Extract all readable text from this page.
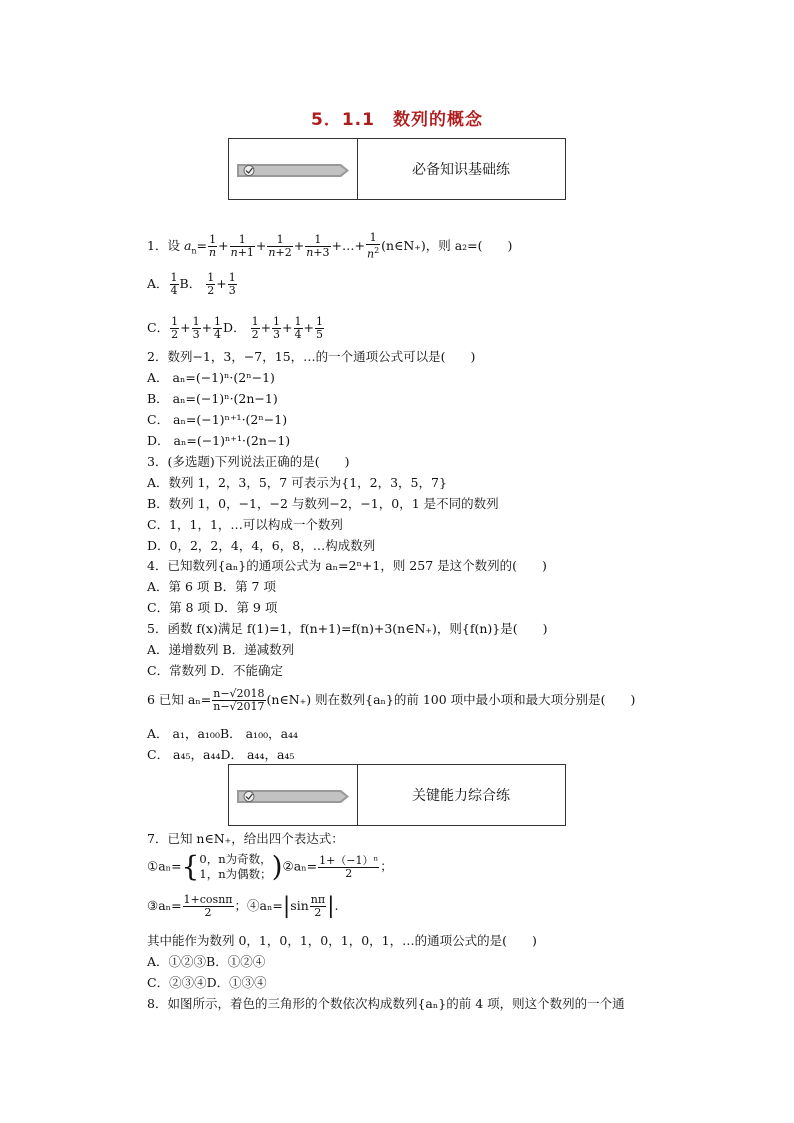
5．1.1　数列的概念
必备知识基础练
1．设 $a_n= \frac{1}{n} + \frac{1}{n+1} + \frac{1}{n+2} + \frac{1}{n+3}$ +…+ $\frac{1}{n^2}$ (n∈N₊)，则 a₂=(　　)
A． $\frac{1}{4}$ B． $\frac{1}{2} + \frac{1}{3}$
C． $\frac{1}{2} + \frac{1}{3} + \frac{1}{4}$ D． $\frac{1}{2} + \frac{1}{3} + \frac{1}{4} + \frac{1}{5}$
2．数列−1，3，−7，15，…的一个通项公式可以是(　　)
A． aₙ=(−1)ⁿ·(2ⁿ−1)
B． aₙ=(−1)ⁿ·(2n−1)
C． aₙ=(−1)ⁿ⁺¹·(2ⁿ−1)
D． aₙ=(−1)ⁿ⁺¹·(2n−1)
3．(多选题)下列说法正确的是(　　)
A．数列 1，2，3，5，7 可表示为{1，2，3，5，7}
B．数列 1，0，−1，−2 与数列−2，−1，0，1 是不同的数列
C．1，1，1，…可以构成一个数列
D．0，2，2，4，4，6，8，…构成数列
4．已知数列{aₙ}的通项公式为 aₙ=2ⁿ+1，则 257 是这个数列的(　　)
A．第 6 项 B．第 7 项
C．第 8 项 D．第 9 项
5．函数 f(x)满足 f(1)=1，f(n+1)=f(n)+3(n∈N₊)，则{f(n)}是(　　)
A．递增数列 B．递减数列
C．常数列 D．不能确定
6 已知 $a_n= \frac{n-√2018}{n-√2017}$ (n∈N₊) 则在数列{aₙ}的前 100 项中最小项和最大项分别是(　　)
A． a₁，a₁₀₀B． a₁₀₀，a₄₄
C． a₄₅，a₄₄D． a₄₄，a₄₅
关键能力综合练
7．已知 n∈N₊，给出四个表达式：
①aₙ={ 0，n为奇数，
1，n为偶数； )②aₙ= $\frac{\text{1+（−1）ⁿ}}{2}$ ；
③aₙ= $\frac{1+\cos n\pi}{2}$ ；④aₙ=|sin $\frac{n\pi}{2}$ |.
其中能作为数列 0，1，0，1，0，1，0，1，…的通项公式的是(　　)
A．①②③B．①②④
C．②③④D．①③④
8．如图所示，着色的三角形的个数依次构成数列{aₙ}的前 4 项，则这个数列的一个通
